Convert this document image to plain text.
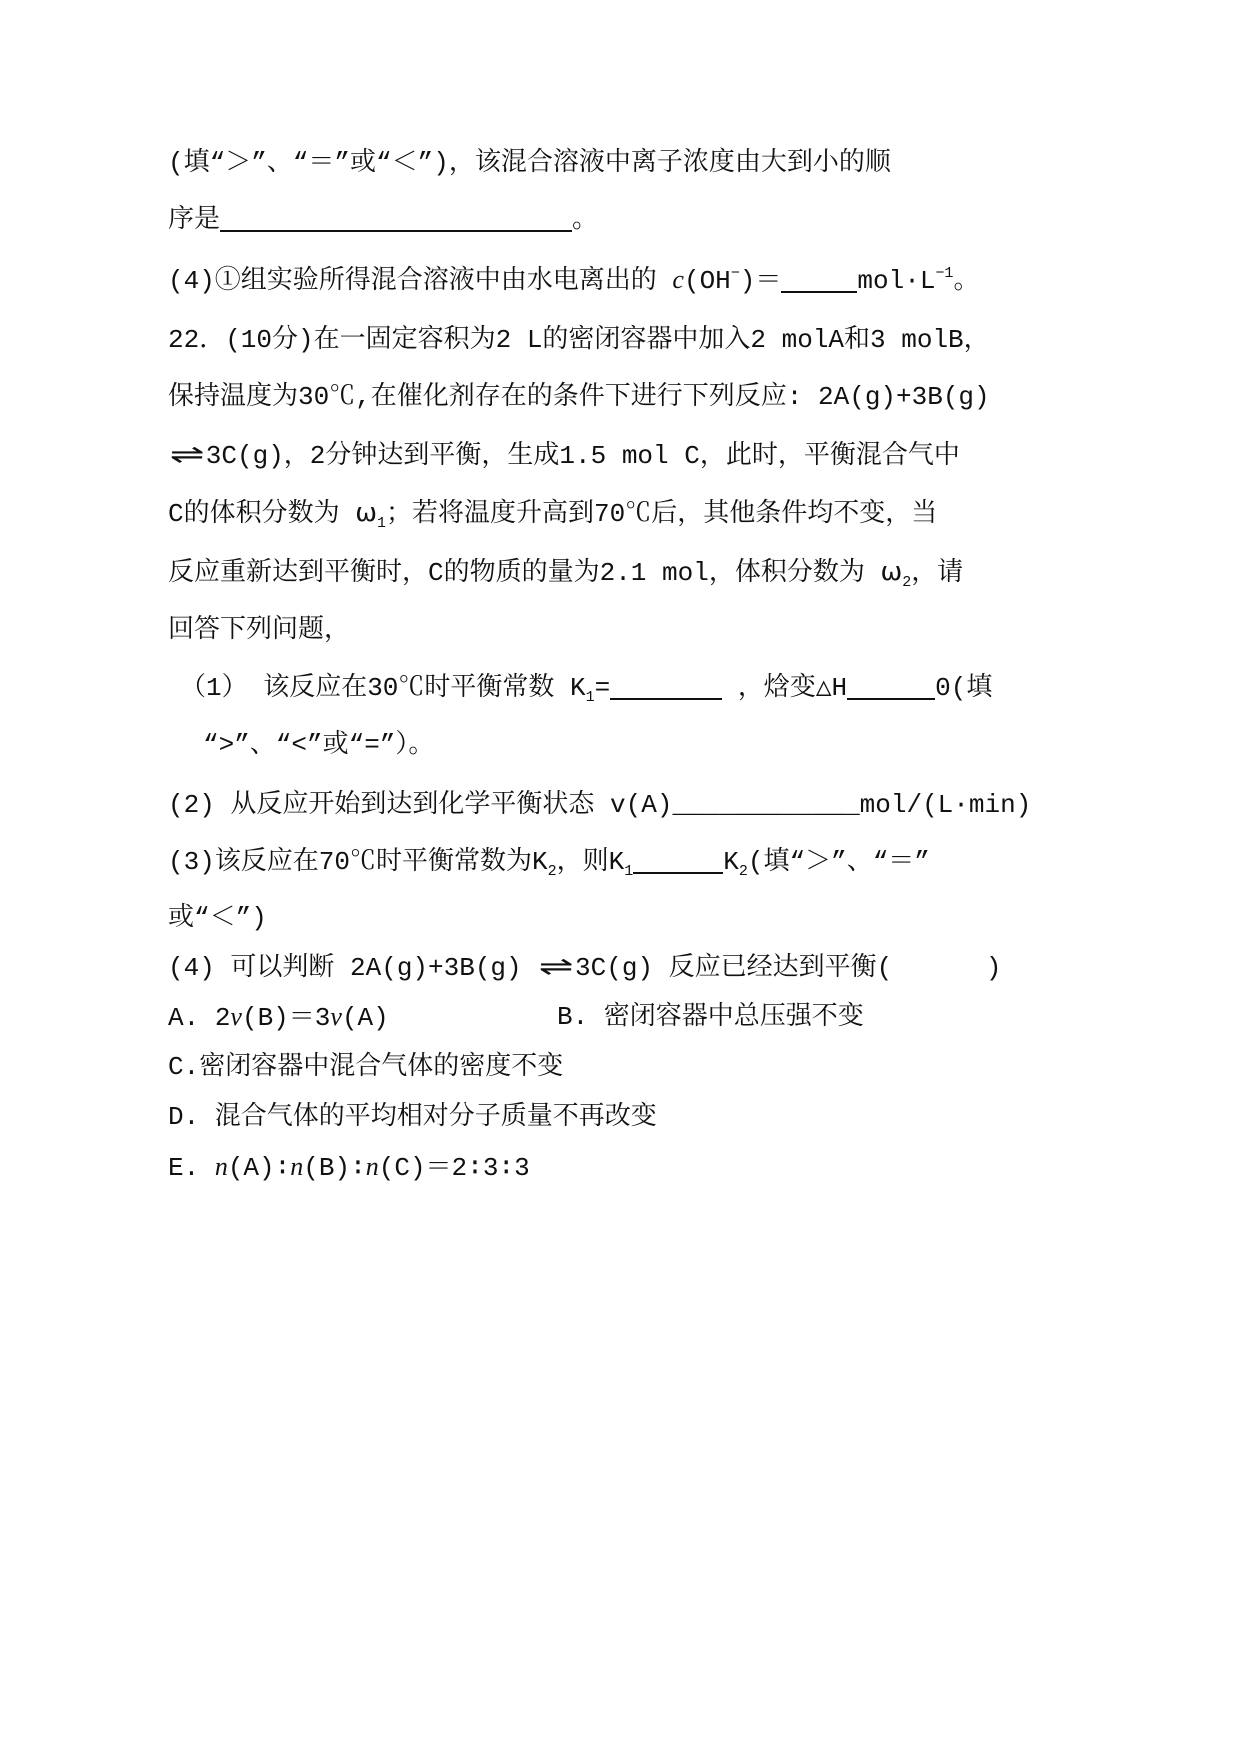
(填“＞”、“＝”或“＜”)，该混合溶液中离子浓度由大到小的顺
序是	。
(4)①组实验所得混合溶液中由水电离出的  c (OH − )＝	mol·L $^{-1}$ 。
22．(10分)在一固定容积为2 L的密闭容器中加入2 molA和3 molB，
保持温度为30℃,在催化剂存在的条件下进行下列反应: 2A(g)+3B(g)
⇌ 3C(g)，2分钟达到平衡，生成1.5 mol C，此时，平衡混合气中
C的体积分数为  ω $_1$ ；若将温度升高到70℃后，其他条件均不变，当
反应重新达到平衡时，C的物质的量为2.1 mol，体积分数为  ω $_2$ ，请
回答下列问题，
（1） 该反应在30℃时平衡常数 K $_1$ =	，焓变△H	0(填
“>”、“<”或“=”）。
(2) 从反应开始到达到化学平衡状态 v(A) ____________ mol/(L·min)
(3)该反应在70℃时平衡常数为K $_2$ ，则K $_1$	K $_2$ (填“＞”、“＝”
或“＜”)
(4) 可以判断 2A(g)+3B(g)  ⇌ 3C(g) 反应已经达到平衡(      )
A.  2 v (B)＝3 v (A)	B. 密闭容器中总压强不变
C.密闭容器中混合气体的密度不变
D. 混合气体的平均相对分子质量不再改变
E.  n (A)∶ n (B)∶ n (C)＝2∶3∶3
